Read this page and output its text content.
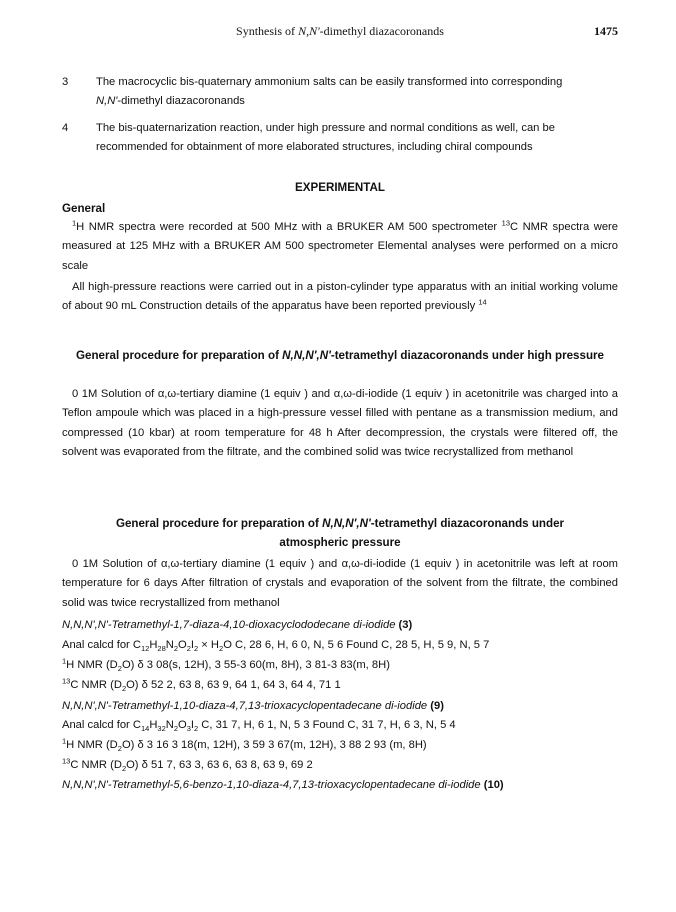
Synthesis of N,N'-dimethyl diazacoronands	1475
3	The macrocyclic bis-quaternary ammonium salts can be easily transformed into corresponding
N,N'-dimethyl diazacoronands
4	The bis-quaternarization reaction, under high pressure and normal conditions as well, can be
recommended for obtainment of more elaborated structures, including chiral compounds
EXPERIMENTAL
General

$^1$H NMR spectra were recorded at 500 MHz with a BRUKER AM 500 spectrometer $^{13}$C NMR spectra were measured at 125 MHz with a BRUKER AM 500 spectrometer Elemental analyses were performed on a micro scale

All high-pressure reactions were carried out in a piston-cylinder type apparatus with an initial working volume of about 90 mL Construction details of the apparatus have been reported previously $^{14}$

General procedure for preparation of N,N,N',N'-tetramethyl diazacoronands under high pressure

0 1M Solution of α,ω-tertiary diamine (1 equiv ) and α,ω-di-iodide (1 equiv ) in acetonitrile was charged into a Teflon ampoule which was placed in a high-pressure vessel filled with pentane as a transmission medium, and compressed (10 kbar) at room temperature for 48 h After decompression, the crystals were filtered off, the solvent was evaporated from the filtrate, and the combined solid was twice recrystallized from methanol

General procedure for preparation of N,N,N',N'-tetramethyl diazacoronands under atmospheric pressure

0 1M Solution of α,ω-tertiary diamine (1 equiv ) and α,ω-di-iodide (1 equiv ) in acetonitrile was left at room temperature for 6 days After filtration of crystals and evaporation of the solvent from the filtrate, the combined solid was twice recrystallized from methanol

N,N,N',N'-Tetramethyl-1,7-diaza-4,10-dioxacyclododecane di-iodide (3)
Anal calcd for $C_{12}H_{28}N_2O_2I_2 \times H_2O$ C, 28 6, H, 6 0, N, 5 6 Found C, 28 5, H, 5 9, N, 5 7
$^1$H NMR $(D_2O)$ δ 3 08(s, 12H), 3 55-3 60(m, 8H), 3 81-3 83(m, 8H)
$^{13}$C NMR $(D_2O)$ δ 52 2, 63 8, 63 9, 64 1, 64 3, 64 4, 71 1
N,N,N',N'-Tetramethyl-1,10-diaza-4,7,13-trioxacyclopentadecane di-iodide (9)
Anal calcd for $C_{14}H_{32}N_2O_3I_2$ C, 31 7, H, 6 1, N, 5 3 Found C, 31 7, H, 6 3, N, 5 4
$^1$H NMR $(D_2O)$ δ 3 16 3 18(m, 12H), 3 59 3 67(m, 12H), 3 88 2 93 (m, 8H)
$^{13}$C NMR $(D_2O)$ δ 51 7, 63 3, 63 6, 63 8, 63 9, 69 2
N,N,N',N'-Tetramethyl-5,6-benzo-1,10-diaza-4,7,13-trioxacyclopentadecane di-iodide (10)
